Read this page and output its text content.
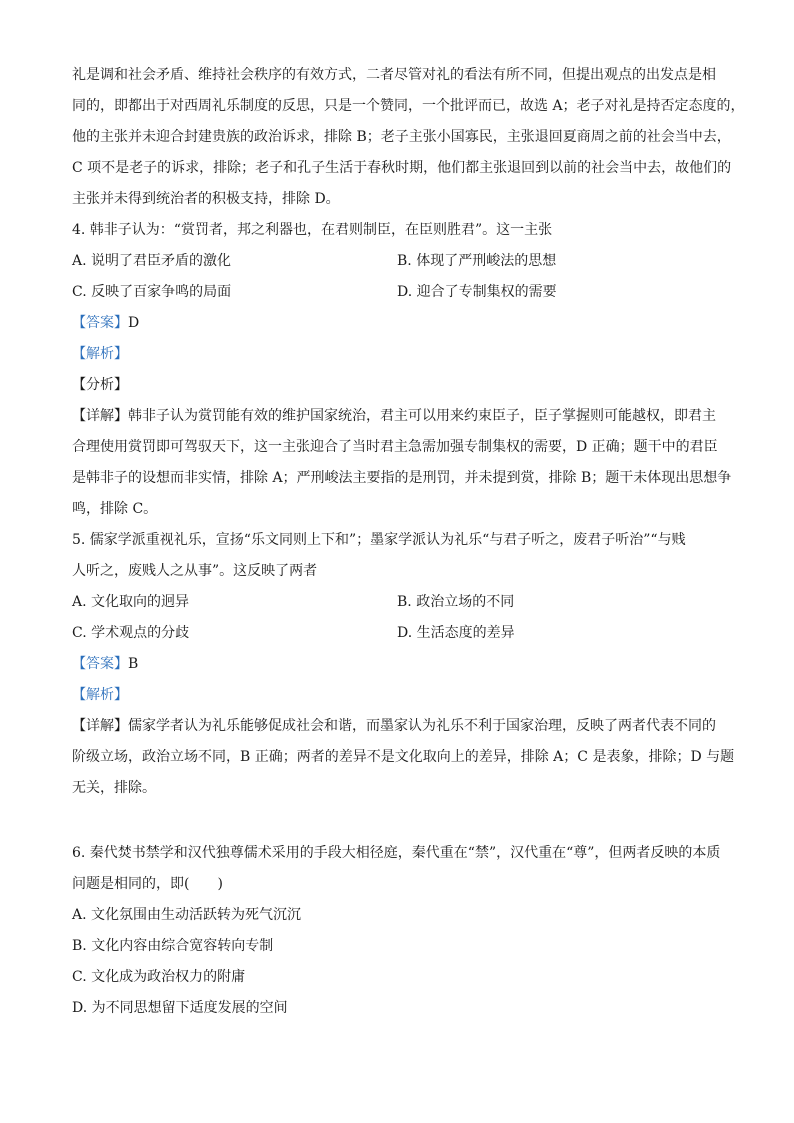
礼是调和社会矛盾、维持社会秩序的有效方式，二者尽管对礼的看法有所不同，但提出观点的出发点是相
同的，即都出于对西周礼乐制度的反思，只是一个赞同，一个批评而已，故选 A；老子对礼是持否定态度的，
他的主张并未迎合封建贵族的政治诉求，排除 B；老子主张小国寡民，主张退回夏商周之前的社会当中去，
C 项不是老子的诉求，排除；老子和孔子生活于春秋时期，他们都主张退回到以前的社会当中去，故他们的
主张并未得到统治者的积极支持，排除 D。
4. 韩非子认为：“赏罚者，邦之利器也，在君则制臣，在臣则胜君”。这一主张
A. 说明了君臣矛盾的激化	B. 体现了严刑峻法的思想
C. 反映了百家争鸣的局面	D. 迎合了专制集权的需要
【答案】D
【解析】
【分析】
【详解】韩非子认为赏罚能有效的维护国家统治，君主可以用来约束臣子，臣子掌握则可能越权，即君主
合理使用赏罚即可驾驭天下，这一主张迎合了当时君主急需加强专制集权的需要，D 正确；题干中的君臣
是韩非子的设想而非实情，排除 A；严刑峻法主要指的是刑罚，并未提到赏，排除 B；题干未体现出思想争
鸣，排除 C。
5. 儒家学派重视礼乐，宣扬“乐文同则上下和”；墨家学派认为礼乐“与君子听之，废君子听治”“与贱
人听之，废贱人之从事”。这反映了两者
A. 文化取向的迥异	B. 政治立场的不同
C. 学术观点的分歧	D. 生活态度的差异
【答案】B
【解析】
【详解】儒家学者认为礼乐能够促成社会和谐，而墨家认为礼乐不利于国家治理，反映了两者代表不同的
阶级立场，政治立场不同，B 正确；两者的差异不是文化取向上的差异，排除 A；C 是表象，排除；D 与题
无关，排除。
6. 秦代焚书禁学和汉代独尊儒术采用的手段大相径庭，秦代重在“禁”，汉代重在“尊”，但两者反映的本质
问题是相同的，即(　　)
A. 文化氛围由生动活跃转为死气沉沉
B. 文化内容由综合宽容转向专制
C. 文化成为政治权力的附庸
D. 为不同思想留下适度发展的空间
